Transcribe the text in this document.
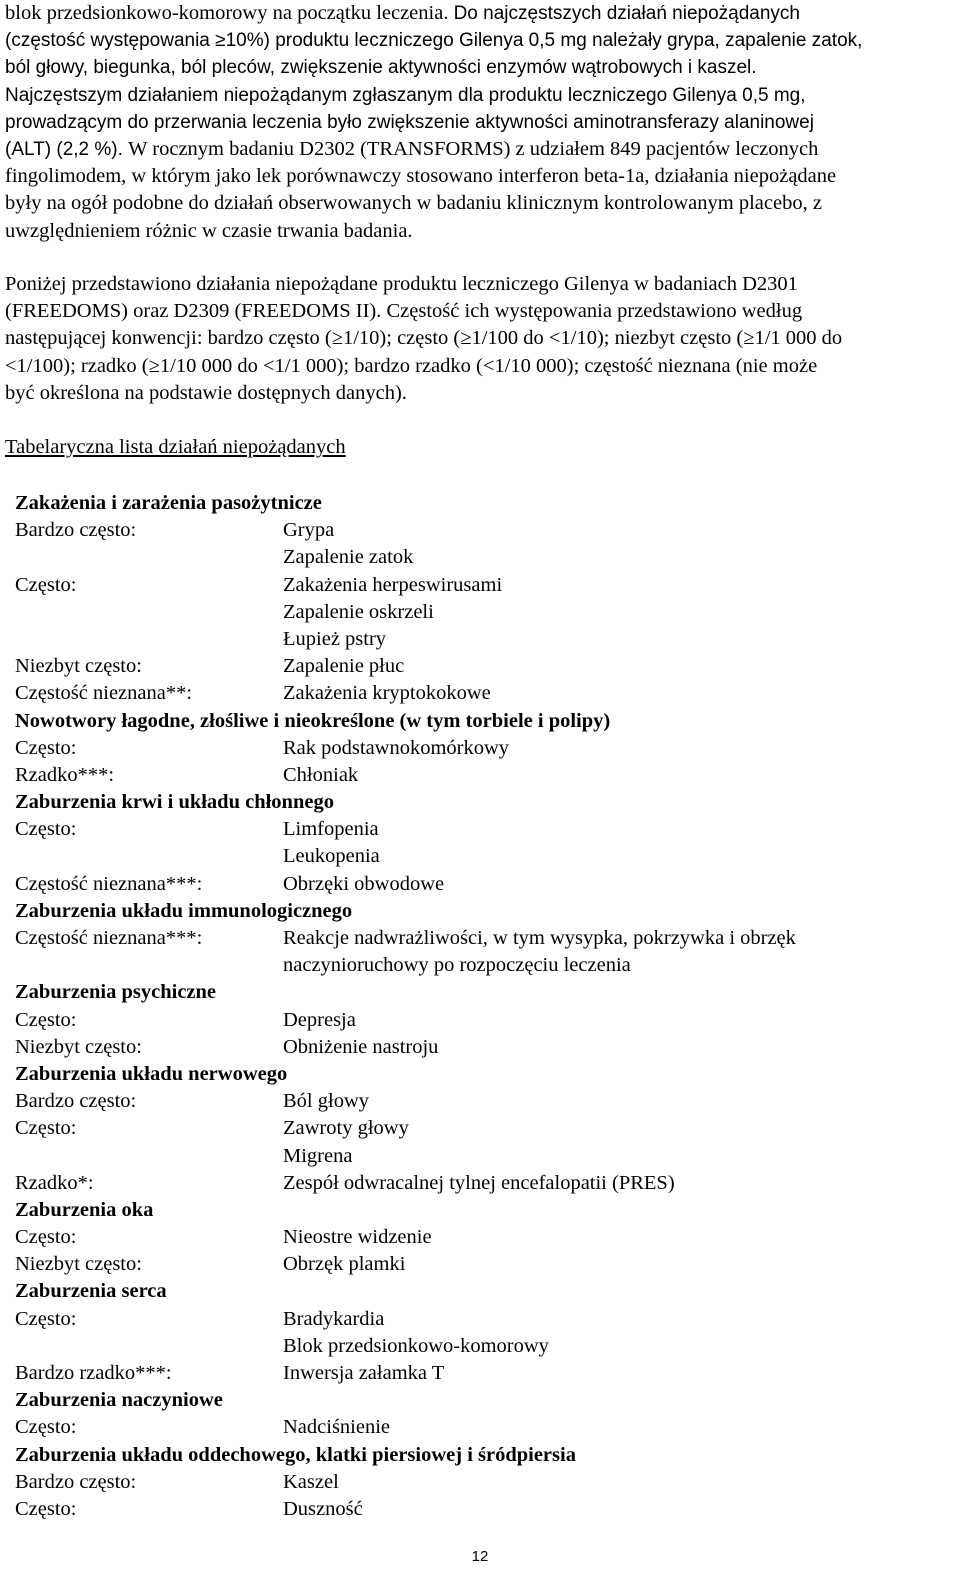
blok przedsionkowo-komorowy na początku leczenia. Do najczęstszych działań niepożądanych
(częstość występowania ≥10%) produktu leczniczego Gilenya 0,5 mg należały grypa, zapalenie zatok,
ból głowy, biegunka, ból pleców, zwiększenie aktywności enzymów wątrobowych i kaszel.
Najczęstszym działaniem niepożądanym zgłaszanym dla produktu leczniczego Gilenya 0,5 mg,
prowadzącym do przerwania leczenia było zwiększenie aktywności aminotransferazy alaninowej
(ALT) (2,2 %). W rocznym badaniu D2302 (TRANSFORMS) z udziałem 849 pacjentów leczonych
fingolimodem, w którym jako lek porównawczy stosowano interferon beta-1a, działania niepożądane
były na ogół podobne do działań obserwowanych w badaniu klinicznym kontrolowanym placebo, z
uwzględnieniem różnic w czasie trwania badania.
Poniżej przedstawiono działania niepożądane produktu leczniczego Gilenya w badaniach D2301
(FREEDOMS) oraz D2309 (FREEDOMS II). Częstość ich występowania przedstawiono według
następującej konwencji: bardzo często (≥1/10); często (≥1/100 do <1/10); niezbyt często (≥1/1 000 do
<1/100); rzadko (≥1/10 000 do <1/1 000); bardzo rzadko (<1/10 000); częstość nieznana (nie może
być określona na podstawie dostępnych danych).
Tabelaryczna lista działań niepożądanych
Zakażenia i zarażenia pasożytnicze
Bardzo często:	Grypa
Zapalenie zatok
Często:	Zakażenia herpeswirusami
Zapalenie oskrzeli
Łupież pstry
Niezbyt często:	Zapalenie płuc
Częstość nieznana**:	Zakażenia kryptokokowe
Nowotwory łagodne, złośliwe i nieokreślone (w tym torbiele i polipy)
Często:	Rak podstawnokomórkowy
Rzadko***:	Chłoniak
Zaburzenia krwi i układu chłonnego
Często:	Limfopenia
Leukopenia
Częstość nieznana***:	Obrzęki obwodowe
Zaburzenia układu immunologicznego
Częstość nieznana***:	Reakcje nadwrażliwości, w tym wysypka, pokrzywka i obrzęk naczynioruchowy po rozpoczęciu leczenia
Zaburzenia psychiczne
Często:	Depresja
Niezbyt często:	Obniżenie nastroju
Zaburzenia układu nerwowego
Bardzo często:	Ból głowy
Często:	Zawroty głowy
Migrena
Rzadko*:	Zespół odwracalnej tylnej encefalopatii (PRES)
Zaburzenia oka
Często:	Nieostre widzenie
Niezbyt często:	Obrzęk plamki
Zaburzenia serca
Często:	Bradykardia
Blok przedsionkowo-komorowy
Bardzo rzadko***:	Inwersja załamka T
Zaburzenia naczyniowe
Często:	Nadciśnienie
Zaburzenia układu oddechowego, klatki piersiowej i śródpiersia
Bardzo często:	Kaszel
Często:	Duszność
12
